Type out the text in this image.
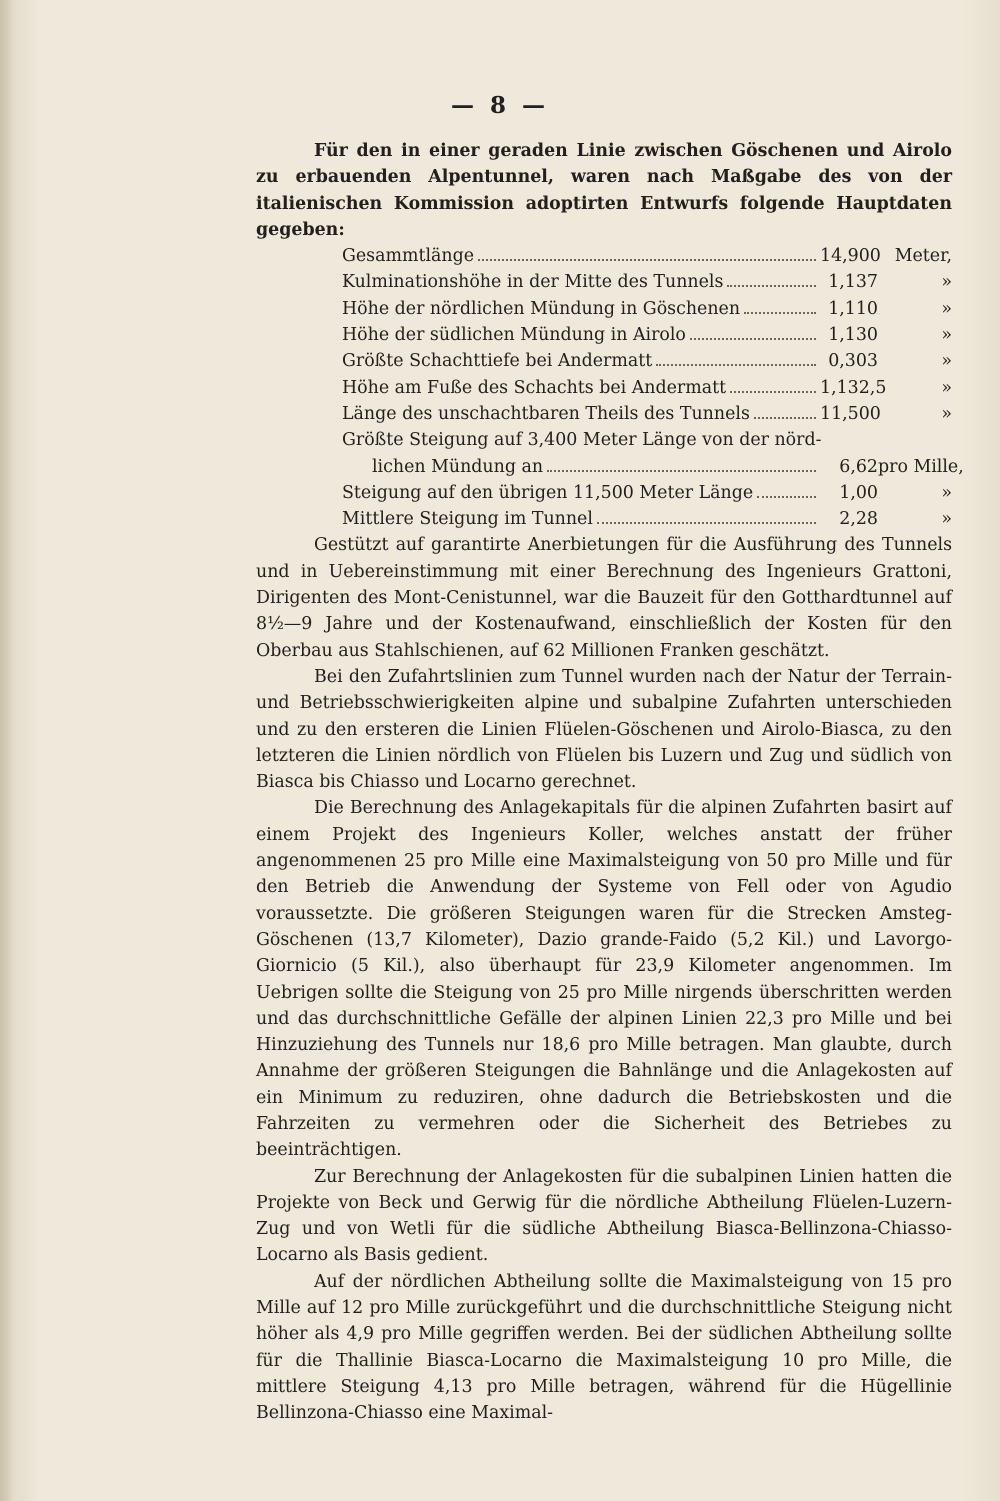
— 8 —

Für den in einer geraden Linie zwischen Göschenen und Airolo zu erbauenden Alpentunnel, waren nach Maßgabe des von der italienischen Kommission adoptirten Entwurfs folgende Hauptdaten gegeben:

Gesammtlänge	14,900 Meter,
Kulminationshöhe in der Mitte des Tunnels	1,137	»
Höhe der nördlichen Mündung in Göschenen	1,110	»
Höhe der südlichen Mündung in Airolo	1,130	»
Größte Schachttiefe bei Andermatt	0,303	»
Höhe am Fuße des Schachts bei Andermatt	1,132,5	»
Länge des unschachtbaren Theils des Tunnels	11,500	»
Größte Steigung auf 3,400 Meter Länge von der nörd-
lichen Mündung an	6,62 pro Mille,
Steigung auf den übrigen 11,500 Meter Länge	1,00	»
Mittlere Steigung im Tunnel	2,28	»

Gestützt auf garantirte Anerbietungen für die Ausführung des Tunnels und in Uebereinstimmung mit einer Berechnung des Ingenieurs Grattoni, Dirigenten des Mont-Cenistunnel, war die Bauzeit für den Gotthardtunnel auf 8½—9 Jahre und der Kostenaufwand, einschließlich der Kosten für den Oberbau aus Stahlschienen, auf 62 Millionen Franken geschätzt.

Bei den Zufahrtslinien zum Tunnel wurden nach der Natur der Terrain- und Betriebsschwierigkeiten alpine und subalpine Zufahrten unterschieden und zu den ersteren die Linien Flüelen-Göschenen und Airolo-Biasca, zu den letzteren die Linien nördlich von Flüelen bis Luzern und Zug und südlich von Biasca bis Chiasso und Locarno gerechnet.

Die Berechnung des Anlagekapitals für die alpinen Zufahrten basirt auf einem Projekt des Ingenieurs Koller, welches anstatt der früher angenommenen 25 pro Mille eine Maximalsteigung von 50 pro Mille und für den Betrieb die Anwendung der Systeme von Fell oder von Agudio voraussetzte. Die größeren Steigungen waren für die Strecken Amsteg-Göschenen (13,7 Kilometer), Dazio grande-Faido (5,2 Kil.) und Lavorgo-Giornicio (5 Kil.), also überhaupt für 23,9 Kilometer angenommen. Im Uebrigen sollte die Steigung von 25 pro Mille nirgends überschritten werden und das durchschnittliche Gefälle der alpinen Linien 22,3 pro Mille und bei Hinzuziehung des Tunnels nur 18,6 pro Mille betragen. Man glaubte, durch Annahme der größeren Steigungen die Bahnlänge und die Anlagekosten auf ein Minimum zu reduziren, ohne dadurch die Betriebskosten und die Fahrzeiten zu vermehren oder die Sicherheit des Betriebes zu beeinträchtigen.

Zur Berechnung der Anlagekosten für die subalpinen Linien hatten die Projekte von Beck und Gerwig für die nördliche Abtheilung Flüelen-Luzern-Zug und von Wetli für die südliche Abtheilung Biasca-Bellinzona-Chiasso-Locarno als Basis gedient.

Auf der nördlichen Abtheilung sollte die Maximalsteigung von 15 pro Mille auf 12 pro Mille zurückgeführt und die durchschnittliche Steigung nicht höher als 4,9 pro Mille gegriffen werden. Bei der südlichen Abtheilung sollte für die Thallinie Biasca-Locarno die Maximalsteigung 10 pro Mille, die mittlere Steigung 4,13 pro Mille betragen, während für die Hügellinie Bellinzona-Chiasso eine Maximal-
